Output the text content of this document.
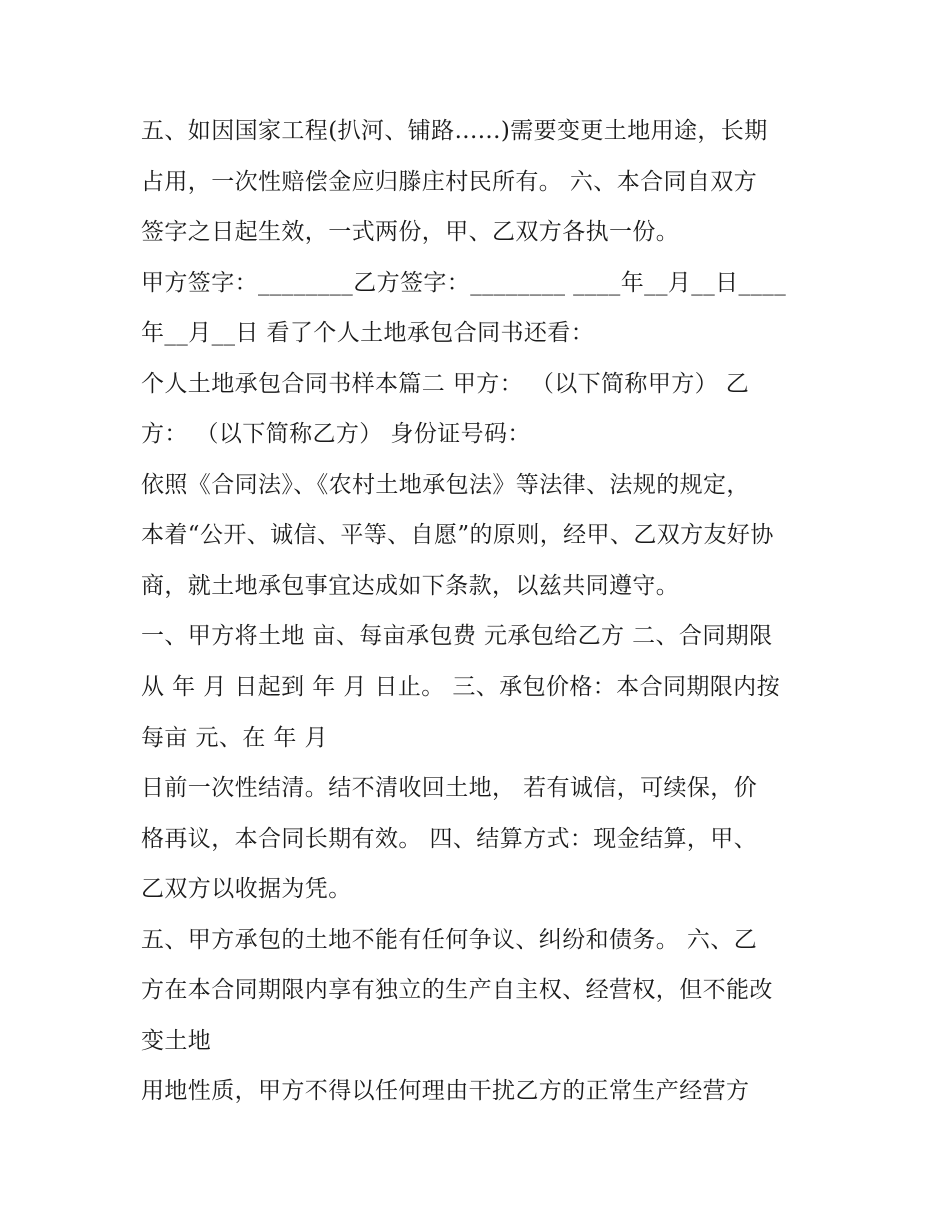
五、如因国家工程(扒河、铺路......)需要变更土地用途，长期
占用，一次性赔偿金应归滕庄村民所有。 六、本合同自双方
签字之日起生效，一式两份，甲、乙双方各执一份。
甲方签字：________乙方签字：________ ____年__月__日____
年__月__日 看了个人土地承包合同书还看：
个人土地承包合同书样本篇二 甲方： （以下简称甲方） 乙
方： （以下简称乙方） 身份证号码：
依照《合同法》、《农村土地承包法》等法律、法规的规定，
本着“公开、诚信、平等、自愿”的原则，经甲、乙双方友好协
商，就土地承包事宜达成如下条款，以兹共同遵守。
一、甲方将土地 亩、每亩承包费 元承包给乙方 二、合同期限
从 年 月 日起到 年 月 日止。 三、承包价格：本合同期限内按
每亩 元、在 年 月
日前一次性结清。结不清收回土地， 若有诚信，可续保，价
格再议，本合同长期有效。 四、结算方式：现金结算，甲、
乙双方以收据为凭。
五、甲方承包的土地不能有任何争议、纠纷和债务。 六、乙
方在本合同期限内享有独立的生产自主权、经营权，但不能改
变土地
用地性质，甲方不得以任何理由干扰乙方的正常生产经营方
